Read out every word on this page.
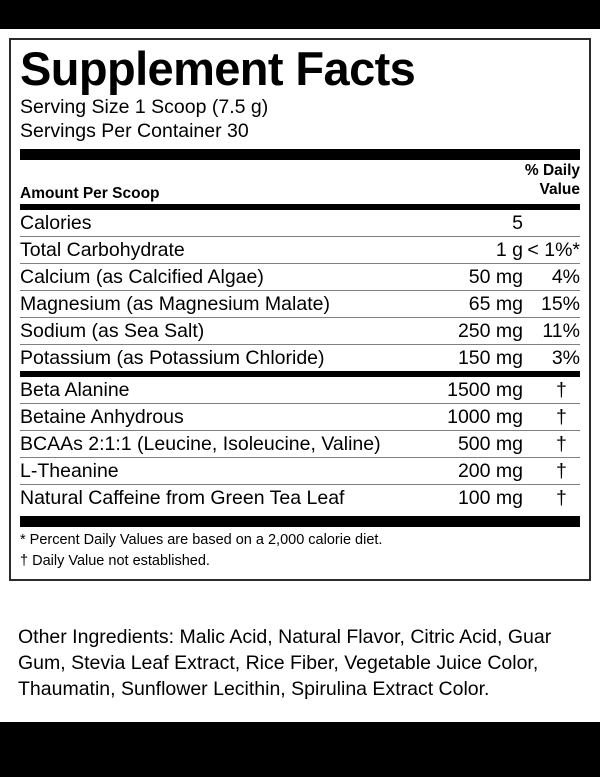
Supplement Facts
Serving Size 1 Scoop (7.5 g)
Servings Per Container 30
Amount Per Scoop
% Daily
Value
Calories	5
Total Carbohydrate	1 g < 1%*
Calcium (as Calcified Algae)	50 mg	4%
Magnesium (as Magnesium Malate)	65 mg 15%
Sodium (as Sea Salt)	250 mg 11%
Potassium (as Potassium Chloride)	150 mg	3%
Beta Alanine	1500 mg †
Betaine Anhydrous	1000 mg †
BCAAs 2:1:1 (Leucine, Isoleucine, Valine)	500 mg †
L-Theanine	200 mg †
Natural Caffeine from Green Tea Leaf	100 mg †
* Percent Daily Values are based on a 2,000 calorie diet.
† Daily Value not established.
Other Ingredients: Malic Acid, Natural Flavor, Citric Acid, Guar Gum, Stevia Leaf Extract, Rice Fiber, Vegetable Juice Color, Thaumatin, Sunflower Lecithin, Spirulina Extract Color.
